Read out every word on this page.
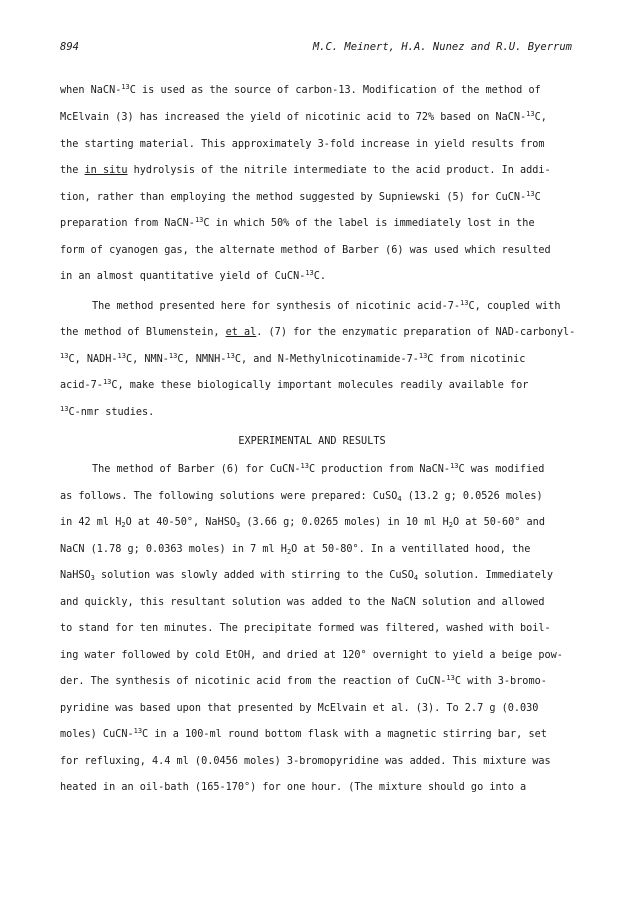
894	M.C. Meinert, H.A. Nunez and R.U. Byerrum
when NaCN-$^{13}$C is used as the source of carbon-13. Modification of the method of
McElvain (3) has increased the yield of nicotinic acid to 72% based on NaCN-$^{13}$C,
the starting material. This approximately 3-fold increase in yield results from
the in situ hydrolysis of the nitrile intermediate to the acid product. In addi-
tion, rather than employing the method suggested by Supniewski (5) for CuCN-$^{13}$C
preparation from NaCN-$^{13}$C in which 50% of the label is immediately lost in the
form of cyanogen gas, the alternate method of Barber (6) was used which resulted
in an almost quantitative yield of CuCN-$^{13}$C.
The method presented here for synthesis of nicotinic acid-7-$^{13}$C, coupled with
the method of Blumenstein, et al. (7) for the enzymatic preparation of NAD-carbonyl-
$^{13}$C, NADH-$^{13}$C, NMN-$^{13}$C, NMNH-$^{13}$C, and N-Methylnicotinamide-7-$^{13}$C from nicotinic
acid-7-$^{13}$C, make these biologically important molecules readily available for
$^{13}$C-nmr studies.
The method of Barber (6) for CuCN-$^{13}$C production from NaCN-$^{13}$C was modified
as follows. The following solutions were prepared: CuSO$_4$ (13.2 g; 0.0526 moles)
in 42 ml $H_2O$ at 40-50°, NaHSO$_3$ (3.66 g; 0.0265 moles) in 10 ml $H_2O$ at 50-60° and
NaCN (1.78 g; 0.0363 moles) in 7 ml $H_2O$ at 50-80°. In a ventillated hood, the
NaHSO$_3$ solution was slowly added with stirring to the CuSO$_4$ solution. Immediately
and quickly, this resultant solution was added to the NaCN solution and allowed
to stand for ten minutes. The precipitate formed was filtered, washed with boil-
ing water followed by cold EtOH, and dried at 120° overnight to yield a beige pow-
der. The synthesis of nicotinic acid from the reaction of CuCN-$^{13}$C with 3-bromo-
pyridine was based upon that presented by McElvain et al. (3). To 2.7 g (0.030
moles) CuCN-$^{13}$C in a 100-ml round bottom flask with a magnetic stirring bar, set
for refluxing, 4.4 ml (0.0456 moles) 3-bromopyridine was added. This mixture was
heated in an oil-bath (165-170°) for one hour. (The mixture should go into a
EXPERIMENTAL AND RESULTS
